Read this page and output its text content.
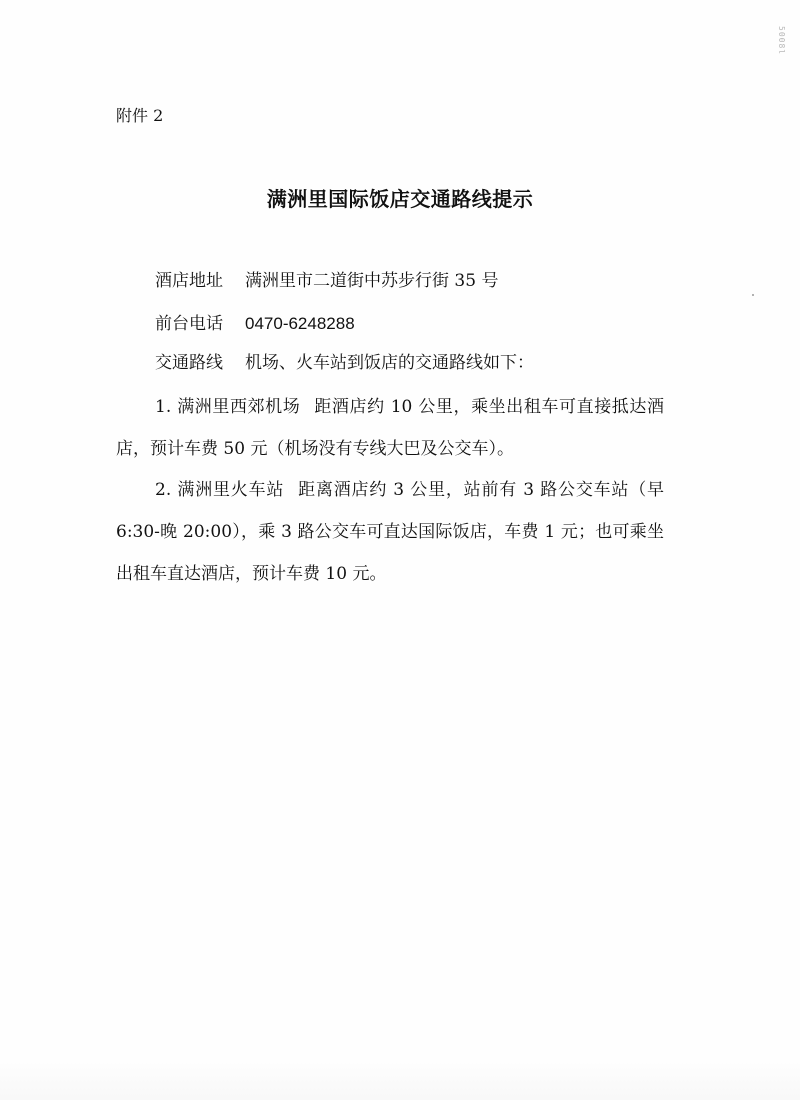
5008l
附件 2
满洲里国际饭店交通路线提示
酒店地址 满洲里市二道街中苏步行街 35 号
前台电话 0470-6248288
交通路线 机场、火车站到饭店的交通路线如下：

1. 满洲里西郊机场 距酒店约 10 公里，乘坐出租车可直接抵达酒店，预计车费 50 元（机场没有专线大巴及公交车）。

2. 满洲里火车站 距离酒店约 3 公里，站前有 3 路公交车站（早 6:30-晚 20:00），乘 3 路公交车可直达国际饭店，车费 1 元；也可乘坐出租车直达酒店，预计车费 10 元。
